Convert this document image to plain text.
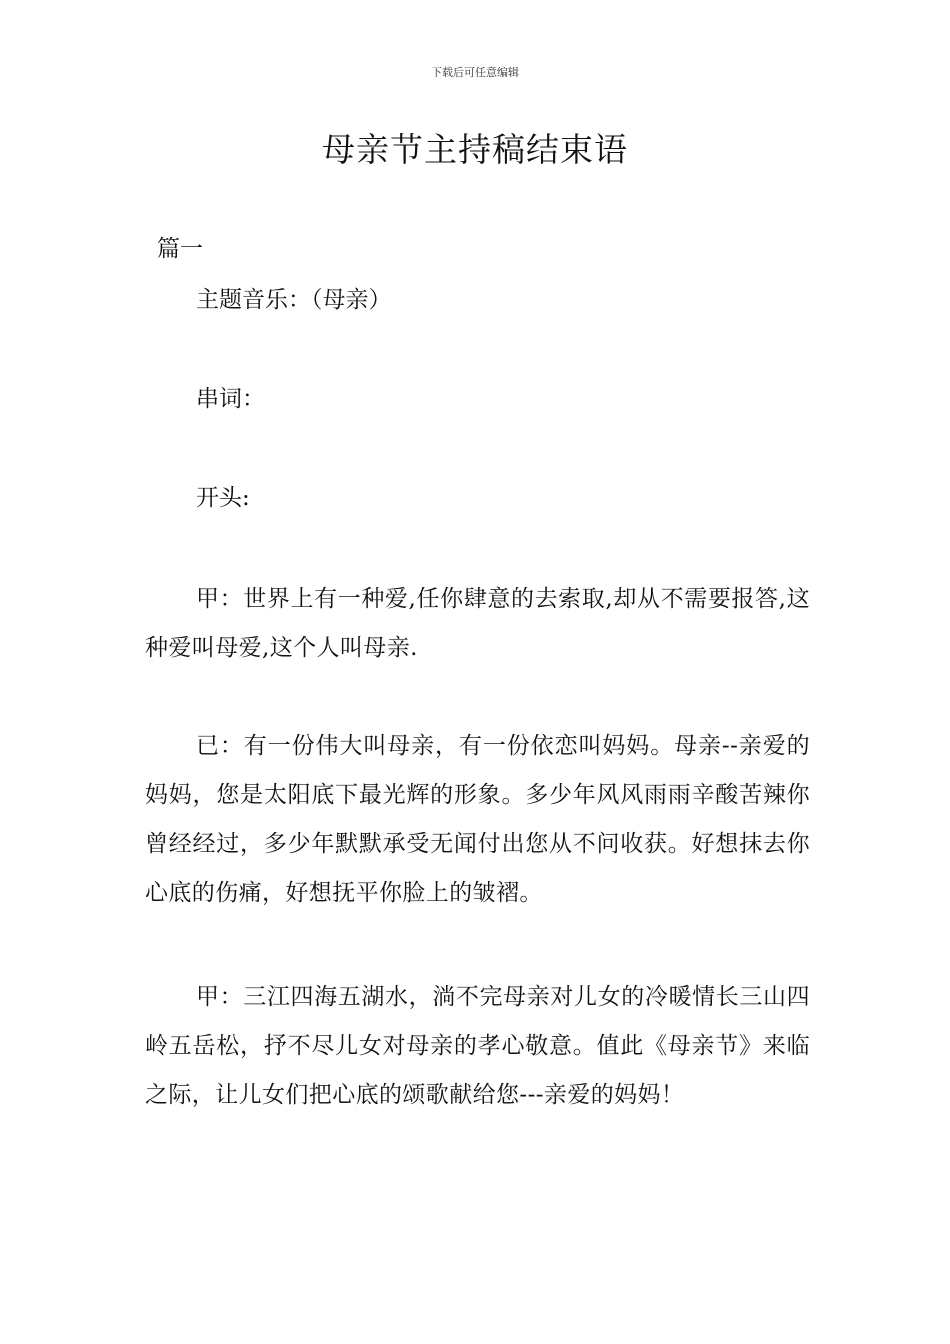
下载后可任意编辑
母亲节主持稿结束语
篇一
主题音乐：（母亲）
串词：
开头:

甲：世界上有一种爱,任你肆意的去索取,却从不需要报答,这种爱叫母爱,这个人叫母亲.

已：有一份伟大叫母亲，有一份依恋叫妈妈。母亲--亲爱的妈妈，您是太阳底下最光辉的形象。多少年风风雨雨辛酸苦辣你曾经经过，多少年默默承受无闻付出您从不问收获。好想抹去你心底的伤痛，好想抚平你脸上的皱褶。

甲：三江四海五湖水，淌不完母亲对儿女的冷暖情长三山四岭五岳松，抒不尽儿女对母亲的孝心敬意。值此《母亲节》来临之际，让儿女们把心底的颂歌献给您---亲爱的妈妈！
